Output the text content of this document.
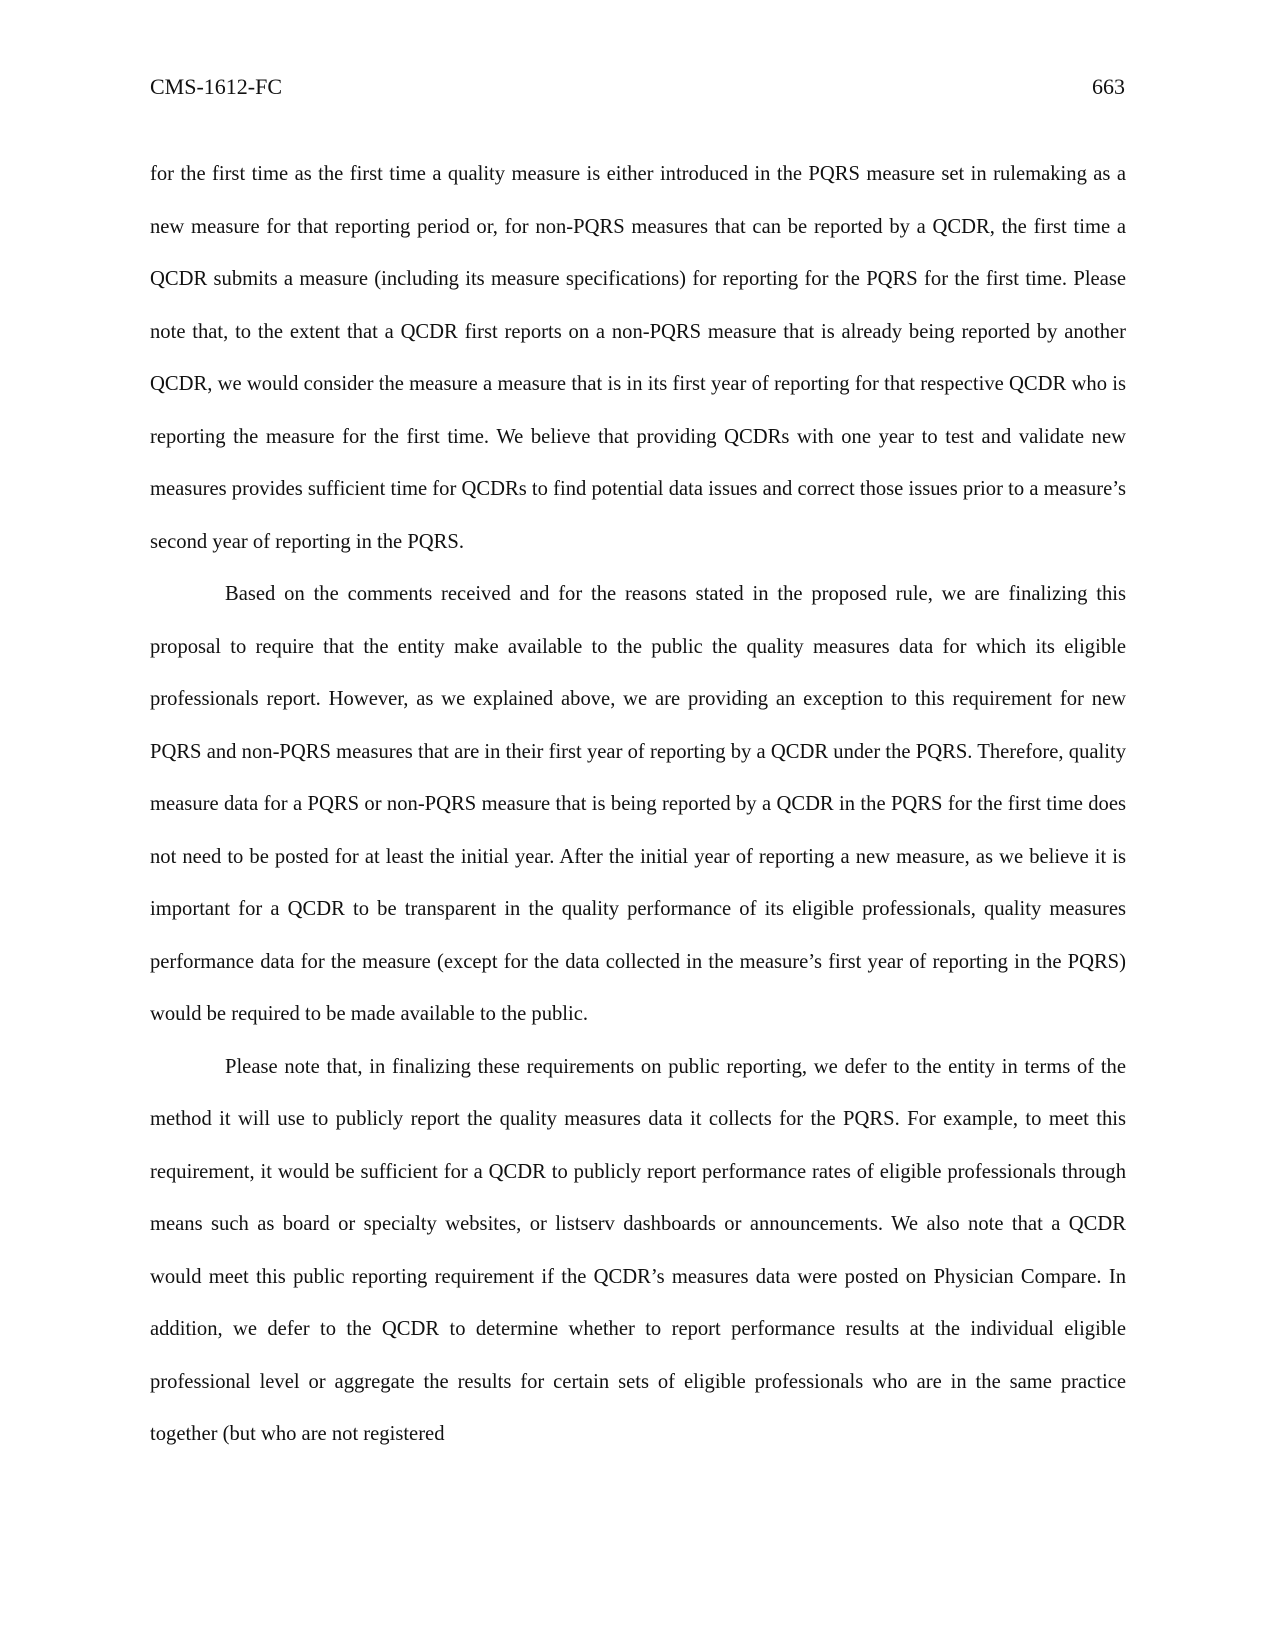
CMS-1612-FC	663

for the first time as the first time a quality measure is either introduced in the PQRS measure set in rulemaking as a new measure for that reporting period or, for non-PQRS measures that can be reported by a QCDR, the first time a QCDR submits a measure (including its measure specifications) for reporting for the PQRS for the first time. Please note that, to the extent that a QCDR first reports on a non-PQRS measure that is already being reported by another QCDR, we would consider the measure a measure that is in its first year of reporting for that respective QCDR who is reporting the measure for the first time. We believe that providing QCDRs with one year to test and validate new measures provides sufficient time for QCDRs to find potential data issues and correct those issues prior to a measure’s second year of reporting in the PQRS.

Based on the comments received and for the reasons stated in the proposed rule, we are finalizing this proposal to require that the entity make available to the public the quality measures data for which its eligible professionals report. However, as we explained above, we are providing an exception to this requirement for new PQRS and non-PQRS measures that are in their first year of reporting by a QCDR under the PQRS. Therefore, quality measure data for a PQRS or non-PQRS measure that is being reported by a QCDR in the PQRS for the first time does not need to be posted for at least the initial year. After the initial year of reporting a new measure, as we believe it is important for a QCDR to be transparent in the quality performance of its eligible professionals, quality measures performance data for the measure (except for the data collected in the measure’s first year of reporting in the PQRS) would be required to be made available to the public.

Please note that, in finalizing these requirements on public reporting, we defer to the entity in terms of the method it will use to publicly report the quality measures data it collects for the PQRS. For example, to meet this requirement, it would be sufficient for a QCDR to publicly report performance rates of eligible professionals through means such as board or specialty websites, or listserv dashboards or announcements. We also note that a QCDR would meet this public reporting requirement if the QCDR’s measures data were posted on Physician Compare. In addition, we defer to the QCDR to determine whether to report performance results at the individual eligible professional level or aggregate the results for certain sets of eligible professionals who are in the same practice together (but who are not registered
